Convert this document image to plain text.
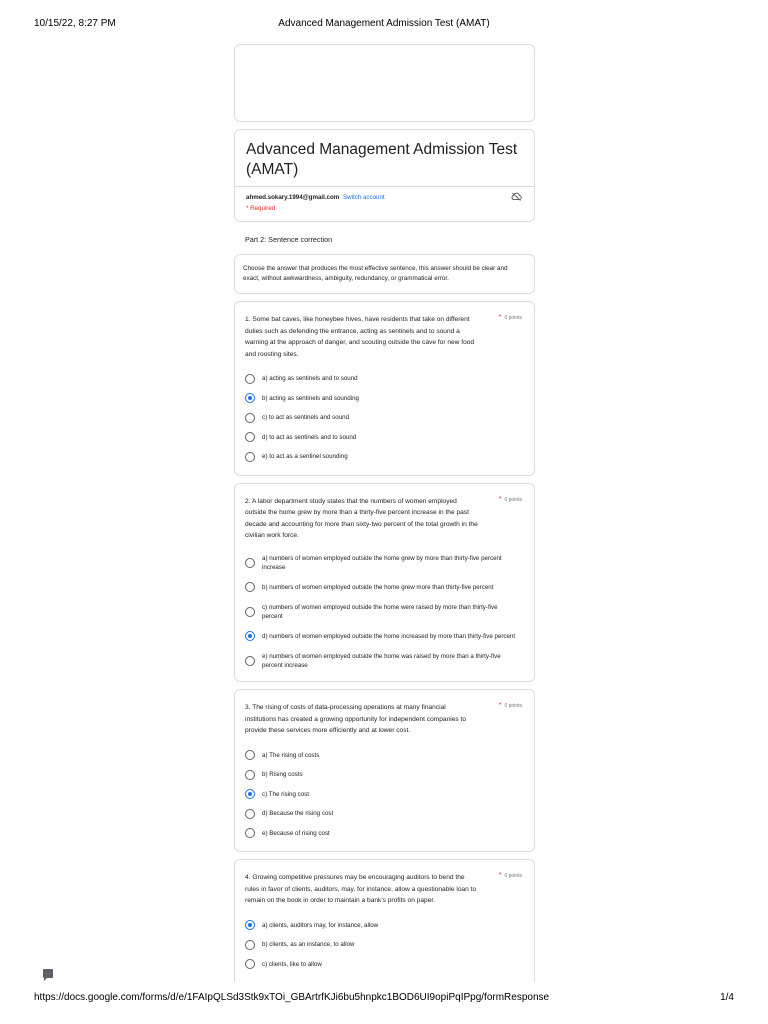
10/15/22, 8:27 PM	Advanced Management Admission Test (AMAT)
Advanced Management Admission Test (AMAT)
ahmed.sokary.1994@gmail.com Switch account
* Required
Part 2: Sentence correction
Choose the answer that produces the most effective sentence, this answer should be clear and exact, without awkwardness, ambiguity, redundancy, or grammatical error.
1. Some bat caves, like honeybee hives, have residents that take on different duties such as defending the entrance, acting as sentinels and to sound a warning at the approach of danger, and scouting outside the cave for new food and roosting sites.
* 0 points
a) acting as sentinels and to sound
b) acting as sentinels and sounding
c) to act as sentinels and sound
d) to act as sentinels and to sound
e) to act as a sentinel sounding
2. A labor department study states that the numbers of women employed outside the home grew by more than a thirty-five percent increase in the past decade and accounting for more than sixty-two percent of the total growth in the civilian work force.
* 0 points
a) numbers of women employed outside the home grew by more than thirty-five percent increase
b) numbers of women employed outside the home grew more than thirty-five percent
c) numbers of women employed outside the home were raised by more than thirty-five percent
d) numbers of women employed outside the home increased by more than thirty-five percent
e) numbers of women employed outside the home was raised by more than a thirty-five percent increase
3. The rising of costs of data-processing operations at many financial institutions has created a growing opportunity for independent companies to provide these services more efficiently and at lower cost.
* 0 points
a) The rising of costs
b) Rising costs
c) The rising cost
d) Because the rising cost
e) Because of rising cost
4. Growing competitive pressures may be encouraging auditors to bend the rules in favor of clients, auditors, may, for instance, allow a questionable loan to remain on the book in order to maintain a bank's profits on paper.
* 0 points
a) clients, auditors may, for instance, allow
b) clients, as an instance, to allow
c) clients, like to allow
https://docs.google.com/forms/d/e/1FAIpQLSd3Stk9xTOi_GBArtrfKJi6bu5hnpkc1BOD6UI9opiPqIPpg/formResponse	1/4
